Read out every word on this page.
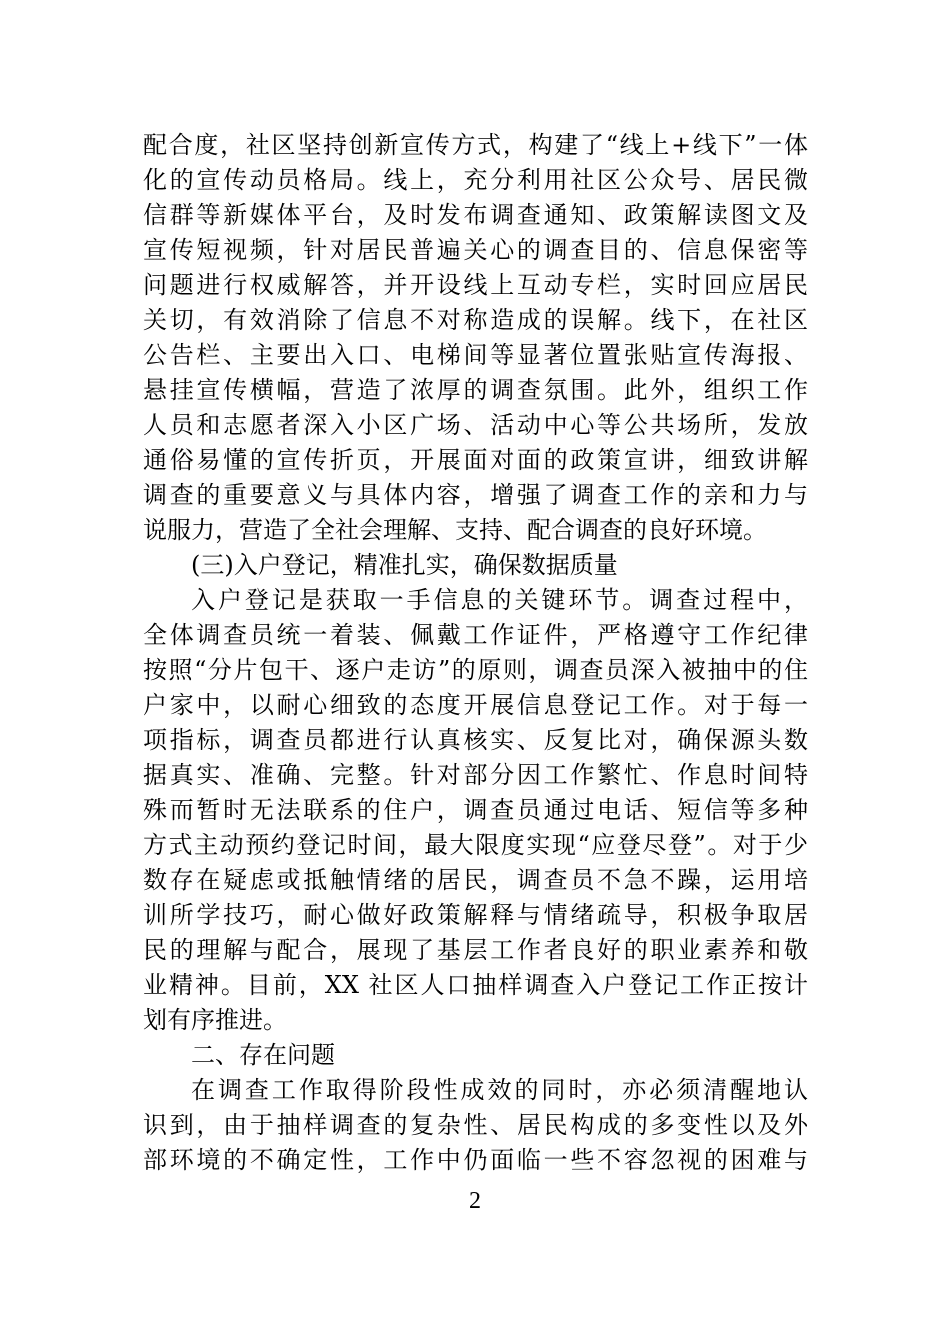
配合度，社区坚持创新宣传方式，构建了“线上+线下”一体
化的宣传动员格局。线上，充分利用社区公众号、居民微
信群等新媒体平台，及时发布调查通知、政策解读图文及
宣传短视频，针对居民普遍关心的调查目的、信息保密等
问题进行权威解答，并开设线上互动专栏，实时回应居民
关切，有效消除了信息不对称造成的误解。线下，在社区
公告栏、主要出入口、电梯间等显著位置张贴宣传海报、
悬挂宣传横幅，营造了浓厚的调查氛围。此外，组织工作
人员和志愿者深入小区广场、活动中心等公共场所，发放
通俗易懂的宣传折页，开展面对面的政策宣讲，细致讲解
调查的重要意义与具体内容，增强了调查工作的亲和力与
说服力，营造了全社会理解、支持、配合调查的良好环境。
(三)入户登记，精准扎实，确保数据质量
入户登记是获取一手信息的关键环节。调查过程中，
全体调查员统一着装、佩戴工作证件，严格遵守工作纪律
按照“分片包干、逐户走访”的原则，调查员深入被抽中的住
户家中，以耐心细致的态度开展信息登记工作。对于每一
项指标，调查员都进行认真核实、反复比对，确保源头数
据真实、准确、完整。针对部分因工作繁忙、作息时间特
殊而暂时无法联系的住户，调查员通过电话、短信等多种
方式主动预约登记时间，最大限度实现“应登尽登”。对于少
数存在疑虑或抵触情绪的居民，调查员不急不躁，运用培
训所学技巧，耐心做好政策解释与情绪疏导，积极争取居
民的理解与配合，展现了基层工作者良好的职业素养和敬
业精神。目前，XX 社区人口抽样调查入户登记工作正按计
划有序推进。
二、存在问题
在调查工作取得阶段性成效的同时，亦必须清醒地认
识到，由于抽样调查的复杂性、居民构成的多变性以及外
部环境的不确定性，工作中仍面临一些不容忽视的困难与
2
